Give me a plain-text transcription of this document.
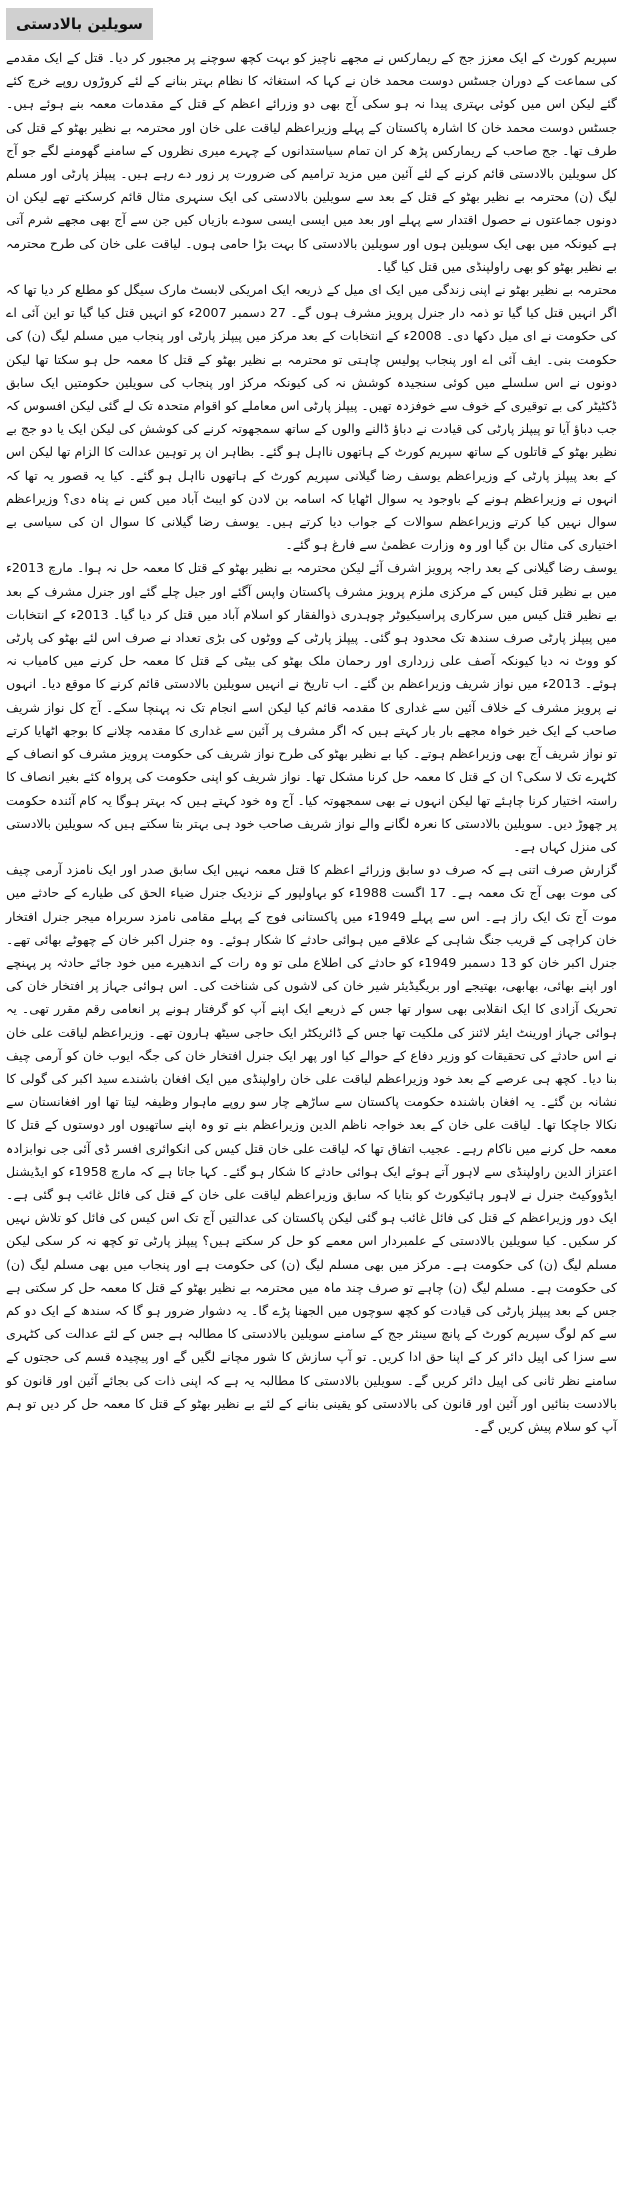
سویلین بالادستی

سپریم کورٹ کے ایک معزز جج کے ریمارکس نے مجھے ناچیز کو بہت کچھ سوچنے پر مجبور کر دیا۔ قتل کے ایک مقدمے کی سماعت کے دوران جسٹس دوست محمد خان نے کہا کہ استغاثہ کا نظام بہتر بنانے کے لئے کروڑوں روپے خرچ کئے گئے لیکن اس میں کوئی بہتری پیدا نہ ہو سکی آج بھی دو وزرائے اعظم کے قتل کے مقدمات معمہ بنے ہوئے ہیں۔ جسٹس دوست محمد خان کا اشارہ پاکستان کے پہلے وزیراعظم لیاقت علی خان اور محترمہ بے نظیر بھٹو کے قتل کی طرف تھا۔ جج صاحب کے ریمارکس پڑھ کر ان تمام سیاستدانوں کے چہرے میری نظروں کے سامنے گھومنے لگے جو آج کل سویلین بالادستی قائم کرنے کے لئے آئین میں مزید ترامیم کی ضرورت پر زور دے رہے ہیں۔ پیپلز پارٹی اور مسلم لیگ (ن) محترمہ بے نظیر بھٹو کے قتل کے بعد سے سویلین بالادستی کی ایک سنہری مثال قائم کرسکتے تھے لیکن ان دونوں جماعتوں نے حصول اقتدار سے پہلے اور بعد میں ایسی ایسی سودے بازیاں کیں جن سے آج بھی مجھے شرم آتی ہے کیونکہ میں بھی ایک سویلین ہوں اور سویلین بالادستی کا بہت بڑا حامی ہوں۔ لیاقت علی خان کی طرح محترمہ بے نظیر بھٹو کو بھی راولپنڈی میں قتل کیا گیا۔

محترمہ بے نظیر بھٹو نے اپنی زندگی میں ایک ای میل کے ذریعہ ایک امریکی لابسٹ مارک سیگل کو مطلع کر دیا تھا کہ اگر انہیں قتل کیا گیا تو ذمہ دار جنرل پرویز مشرف ہوں گے۔ 27 دسمبر 2007ء کو انہیں قتل کیا گیا تو این آئی اے کی حکومت نے ای میل دکھا دی۔ 2008ء کے انتخابات کے بعد مرکز میں پیپلز پارٹی اور پنجاب میں مسلم لیگ (ن) کی حکومت بنی۔ ایف آئی اے اور پنجاب پولیس چاہتی تو محترمہ بے نظیر بھٹو کے قتل کا معمہ حل ہو سکتا تھا لیکن دونوں نے اس سلسلے میں کوئی سنجیدہ کوشش نہ کی کیونکہ مرکز اور پنجاب کی سویلین حکومتیں ایک سابق ڈکٹیٹر کی بے توقیری کے خوف سے خوفزدہ تھیں۔ پیپلز پارٹی اس معاملے کو اقوام متحدہ تک لے گئی لیکن افسوس کہ جب دباؤ آیا تو پیپلز پارٹی کی قیادت نے دباؤ ڈالنے والوں کے ساتھ سمجھوتہ کرنے کی کوشش کی لیکن ایک یا دو جج بے نظیر بھٹو کے قاتلوں کے ساتھ سپریم کورٹ کے ہاتھوں نااہل ہو گئے۔ بظاہر ان پر توہین عدالت کا الزام تھا لیکن اس کے بعد پیپلز پارٹی کے وزیراعظم یوسف رضا گیلانی سپریم کورٹ کے ہاتھوں نااہل ہو گئے۔ کیا یہ قصور یہ تھا کہ انہوں نے وزیراعظم ہونے کے باوجود یہ سوال اٹھایا کہ اسامہ بن لادن کو ایبٹ آباد میں کس نے پناہ دی؟ وزیراعظم سوال نہیں کیا کرتے وزیراعظم سوالات کے جواب دیا کرتے ہیں۔ یوسف رضا گیلانی کا سوال ان کی سیاسی بے اختیاری کی مثال بن گیا اور وہ وزارت عظمیٰ سے فارغ ہو گئے۔

یوسف رضا گیلانی کے بعد راجہ پرویز اشرف آئے لیکن محترمہ بے نظیر بھٹو کے قتل کا معمہ حل نہ ہوا۔ مارچ 2013ء میں بے نظیر قتل کیس کے مرکزی ملزم پرویز مشرف پاکستان واپس آگئے اور جیل چلے گئے اور جنرل مشرف کے بعد بے نظیر قتل کیس میں سرکاری پراسیکیوٹر چوہدری ذوالفقار کو اسلام آباد میں قتل کر دیا گیا۔ 2013ء کے انتخابات میں پیپلز پارٹی صرف سندھ تک محدود ہو گئی۔ پیپلز پارٹی کے ووٹوں کی بڑی تعداد نے صرف اس لئے بھٹو کی پارٹی کو ووٹ نہ دیا کیونکہ آصف علی زرداری اور رحمان ملک بھٹو کی بیٹی کے قتل کا معمہ حل کرنے میں کامیاب نہ ہوئے۔ 2013ء میں نواز شریف وزیراعظم بن گئے۔ اب تاریخ نے انہیں سویلین بالادستی قائم کرنے کا موقع دیا۔ انہوں نے پرویز مشرف کے خلاف آئین سے غداری کا مقدمہ قائم کیا لیکن اسے انجام تک نہ پہنچا سکے۔ آج کل نواز شریف صاحب کے ایک خیر خواہ مجھے بار بار کہتے ہیں کہ اگر مشرف پر آئین سے غداری کا مقدمہ چلانے کا بوجھ اٹھایا کرتے تو نواز شریف آج بھی وزیراعظم ہوتے۔ کیا بے نظیر بھٹو کی طرح نواز شریف کی حکومت پرویز مشرف کو انصاف کے کٹہرے تک لا سکی؟ ان کے قتل کا معمہ حل کرنا مشکل تھا۔ نواز شریف کو اپنی حکومت کی پرواہ کئے بغیر انصاف کا راستہ اختیار کرنا چاہئے تھا لیکن انہوں نے بھی سمجھوتہ کیا۔ آج وہ خود کہتے ہیں کہ بہتر ہوگا یہ کام آئندہ حکومت پر چھوڑ دیں۔ سویلین بالادستی کا نعرہ لگانے والے نواز شریف صاحب خود ہی بہتر بتا سکتے ہیں کہ سویلین بالادستی کی منزل کہاں ہے۔

گزارش صرف اتنی ہے کہ صرف دو سابق وزرائے اعظم کا قتل معمہ نہیں ایک سابق صدر اور ایک نامزد آرمی چیف کی موت بھی آج تک معمہ ہے۔ 17 اگست 1988ء کو بہاولپور کے نزدیک جنرل ضیاء الحق کی طیارے کے حادثے میں موت آج تک ایک راز ہے۔ اس سے پہلے 1949ء میں پاکستانی فوج کے پہلے مقامی نامزد سربراہ میجر جنرل افتخار خان کراچی کے قریب جنگ شاہی کے علاقے میں ہوائی حادثے کا شکار ہوئے۔ وہ جنرل اکبر خان کے چھوٹے بھائی تھے۔ جنرل اکبر خان کو 13 دسمبر 1949ء کو حادثے کی اطلاع ملی تو وہ رات کے اندھیرے میں خود جائے حادثہ پر پہنچے اور اپنے بھائی، بھابھی، بھتیجے اور بریگیڈیئر شیر خان کی لاشوں کی شناخت کی۔ اس ہوائی جہاز پر افتخار خان کی تحریک آزادی کا ایک انقلابی بھی سوار تھا جس کے ذریعے ایک اپنے آپ کو گرفتار ہونے پر انعامی رقم مقرر تھی۔ یہ ہوائی جہاز اورینٹ ایئر لائنز کی ملکیت تھا جس کے ڈائریکٹر ایک حاجی سیٹھ ہارون تھے۔ وزیراعظم لیاقت علی خان نے اس حادثے کی تحقیقات کو وزیر دفاع کے حوالے کیا اور پھر ایک جنرل افتخار خان کی جگہ ایوب خان کو آرمی چیف بنا دیا۔ کچھ ہی عرصے کے بعد خود وزیراعظم لیاقت علی خان راولپنڈی میں ایک افغان باشندے سید اکبر کی گولی کا نشانہ بن گئے۔ یہ افغان باشندہ حکومت پاکستان سے ساڑھے چار سو روپے ماہوار وظیفہ لیتا تھا اور افغانستان سے نکالا جاچکا تھا۔ لیاقت علی خان کے بعد خواجہ ناظم الدین وزیراعظم بنے تو وہ اپنے ساتھیوں اور دوستوں کے قتل کا معمہ حل کرنے میں ناکام رہے۔ عجیب اتفاق تھا کہ لیاقت علی خان قتل کیس کی انکوائری افسر ڈی آئی جی نوابزادہ اعتزاز الدین راولپنڈی سے لاہور آتے ہوئے ایک ہوائی حادثے کا شکار ہو گئے۔ کہا جاتا ہے کہ مارچ 1958ء کو ایڈیشنل ایڈووکیٹ جنرل نے لاہور ہائیکورٹ کو بتایا کہ سابق وزیراعظم لیاقت علی خان کے قتل کی فائل غائب ہو گئی ہے۔ ایک دور وزیراعظم کے قتل کی فائل غائب ہو گئی لیکن پاکستان کی عدالتیں آج تک اس کیس کی فائل کو تلاش نہیں کر سکیں۔ کیا سویلین بالادستی کے علمبردار اس معمے کو حل کر سکتے ہیں؟ پیپلز پارٹی تو کچھ نہ کر سکی لیکن مسلم لیگ (ن) کی حکومت ہے۔ مرکز میں بھی مسلم لیگ (ن) کی حکومت ہے اور پنجاب میں بھی مسلم لیگ (ن) کی حکومت ہے۔ مسلم لیگ (ن) چاہے تو صرف چند ماہ میں محترمہ بے نظیر بھٹو کے قتل کا معمہ حل کر سکتی ہے جس کے بعد پیپلز پارٹی کی قیادت کو کچھ سوچوں میں الجھنا پڑے گا۔ یہ دشوار ضرور ہو گا کہ سندھ کے ایک دو کم سے کم لوگ سپریم کورٹ کے پانچ سینئر جج کے سامنے سویلین بالادستی کا مطالبہ ہے جس کے لئے عدالت کی کٹہری سے سزا کی اپیل دائر کر کے اپنا حق ادا کریں۔ تو آپ سازش کا شور مچانے لگیں گے اور پیچیدہ قسم کی حجتوں کے سامنے نظر ثانی کی اپیل دائر کریں گے۔ سویلین بالادستی کا مطالبہ یہ ہے کہ اپنی ذات کی بجائے آئین اور قانون کو بالادست بنائیں اور آئین اور قانون کی بالادستی کو یقینی بنانے کے لئے بے نظیر بھٹو کے قتل کا معمہ حل کر دیں تو ہم آپ کو سلام پیش کریں گے۔
